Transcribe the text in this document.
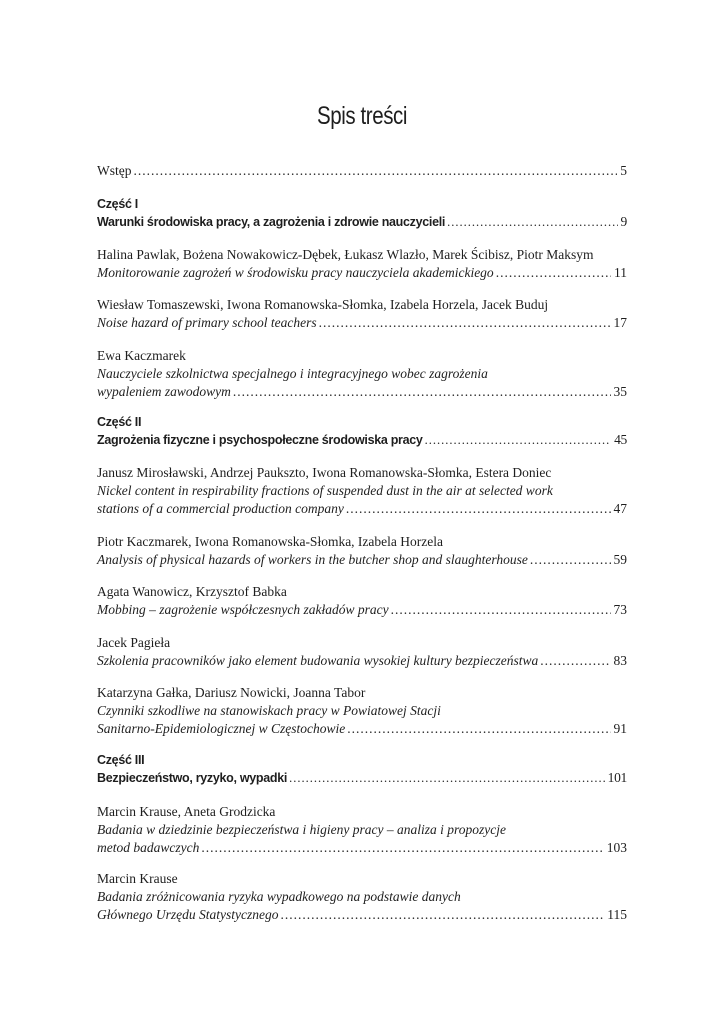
Spis treści
Wstęp .....	5
Część I
Warunki środowiska pracy, a zagrożenia i zdrowie nauczycieli .....	9
Halina Pawlak, Bożena Nowakowicz-Dębek, Łukasz Wlazło, Marek Ścibisz, Piotr Maksym
Monitorowanie zagrożeń w środowisku pracy nauczyciela akademickiego .....	11
Wiesław Tomaszewski, Iwona Romanowska-Słomka, Izabela Horzela, Jacek Buduj
Noise hazard of primary school teachers .....	17
Ewa Kaczmarek
Nauczyciele szkolnictwa specjalnego i integracyjnego wobec zagrożenia
wypaleniem zawodowym .....	35
Część II
Zagrożenia fizyczne i psychospołeczne środowiska pracy .....	45
Janusz Mirosławski, Andrzej Paukszto, Iwona Romanowska-Słomka, Estera Doniec
Nickel content in respirability fractions of suspended dust in the air at selected work
stations of a commercial production company .....	47
Piotr Kaczmarek, Iwona Romanowska-Słomka, Izabela Horzela
Analysis of physical hazards of workers in the butcher shop and slaughterhouse .....	59
Agata Wanowicz, Krzysztof Babka
Mobbing – zagrożenie współczesnych zakładów pracy .....	73
Jacek Pagieła
Szkolenia pracowników jako element budowania wysokiej kultury bezpieczeństwa .....	83
Katarzyna Gałka, Dariusz Nowicki, Joanna Tabor
Czynniki szkodliwe na stanowiskach pracy w Powiatowej Stacji
Sanitarno-Epidemiologicznej w Częstochowie .....	91
Część III
Bezpieczeństwo, ryzyko, wypadki .....	101
Marcin Krause, Aneta Grodzicka
Badania w dziedzinie bezpieczeństwa i higieny pracy – analiza i propozycje
metod badawczych .....	103
Marcin Krause
Badania zróżnicowania ryzyka wypadkowego na podstawie danych
Głównego Urzędu Statystycznego .....	115
